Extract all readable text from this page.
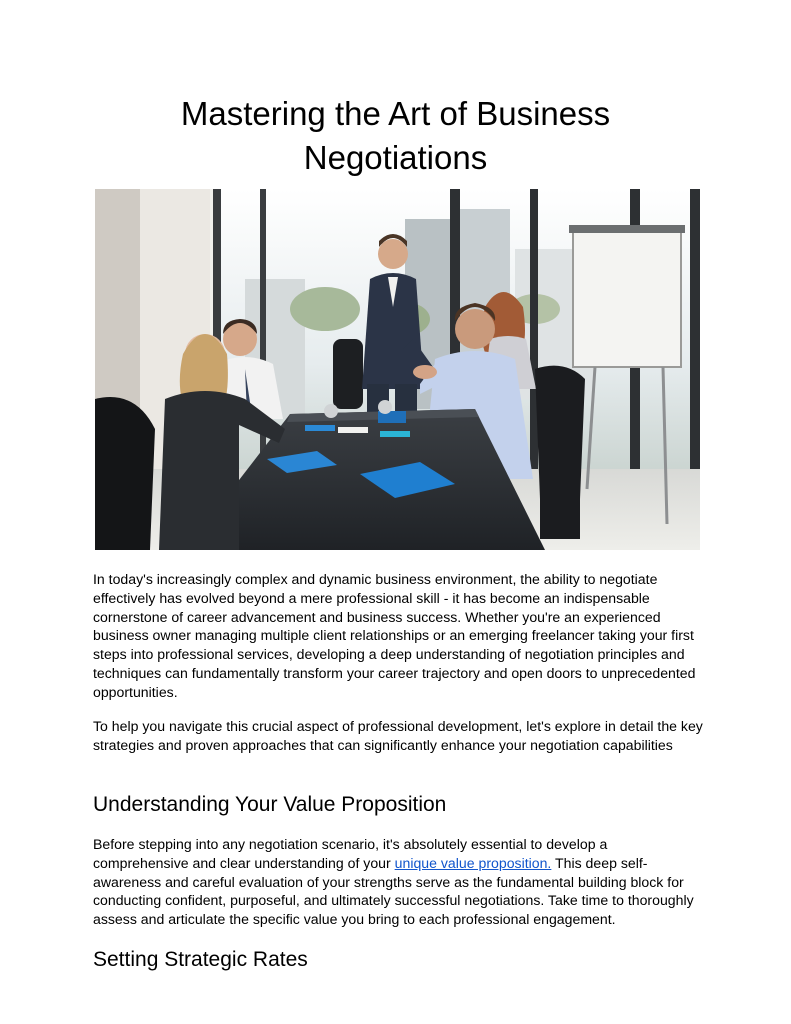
Mastering the Art of Business Negotiations

In today's increasingly complex and dynamic business environment, the ability to negotiate effectively has evolved beyond a mere professional skill - it has become an indispensable cornerstone of career advancement and business success. Whether you're an experienced business owner managing multiple client relationships or an emerging freelancer taking your first steps into professional services, developing a deep understanding of negotiation principles and techniques can fundamentally transform your career trajectory and open doors to unprecedented opportunities.

To help you navigate this crucial aspect of professional development, let's explore in detail the key strategies and proven approaches that can significantly enhance your negotiation capabilities

Understanding Your Value Proposition

Before stepping into any negotiation scenario, it's absolutely essential to develop a comprehensive and clear understanding of your unique value proposition. This deep self-awareness and careful evaluation of your strengths serve as the fundamental building block for conducting confident, purposeful, and ultimately successful negotiations. Take time to thoroughly assess and articulate the specific value you bring to each professional engagement.

Setting Strategic Rates
